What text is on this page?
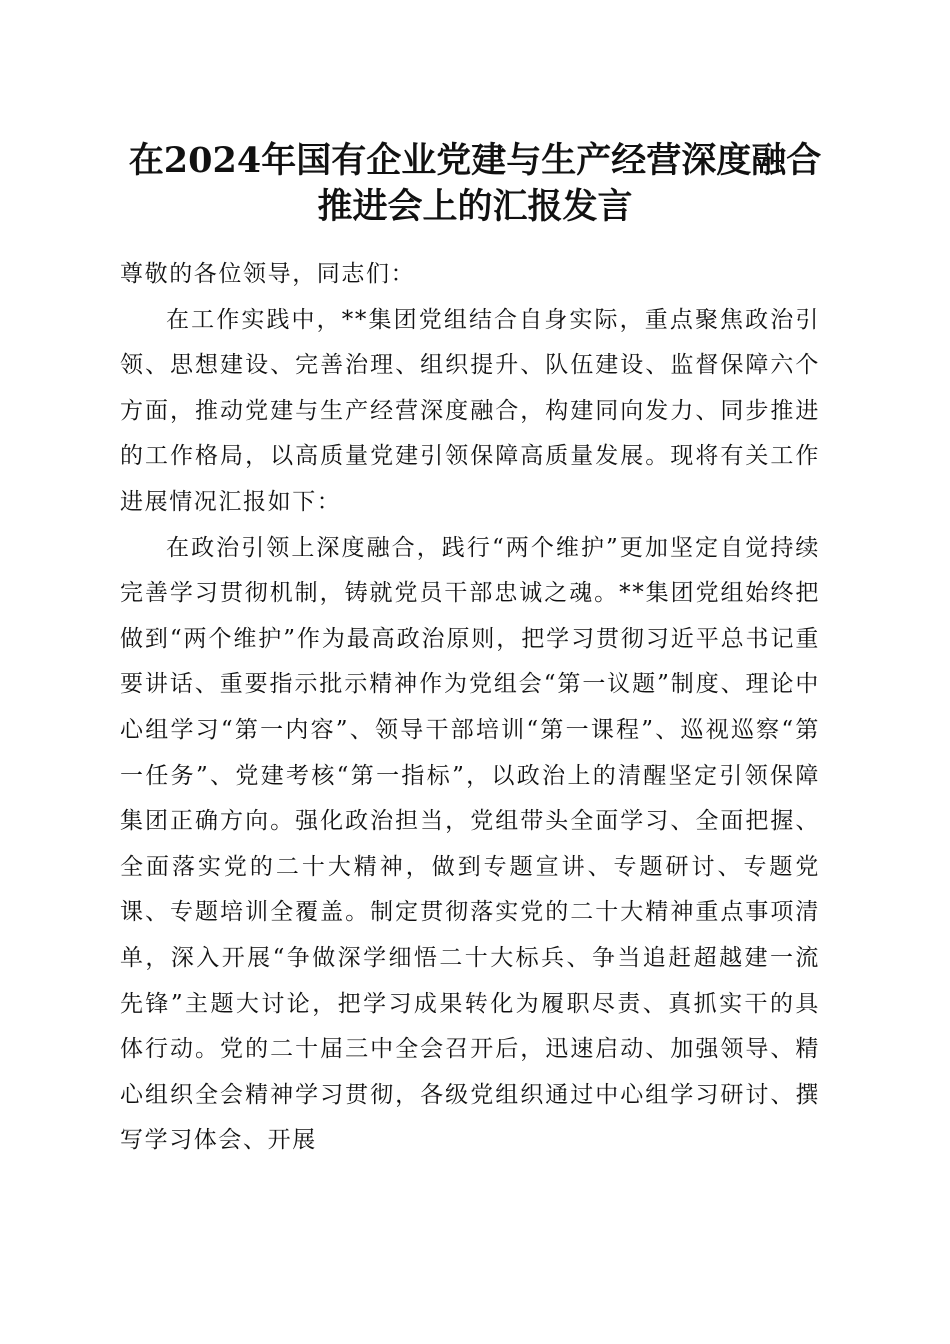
在2024年国有企业党建与生产经营深度融合
推进会上的汇报发言

尊敬的各位领导，同志们：

在工作实践中，**集团党组结合自身实际，重点聚焦政治引领、思想建设、完善治理、组织提升、队伍建设、监督保障六个方面，推动党建与生产经营深度融合，构建同向发力、同步推进的工作格局，以高质量党建引领保障高质量发展。现将有关工作进展情况汇报如下：

在政治引领上深度融合，践行“两个维护”更加坚定自觉持续完善学习贯彻机制，铸就党员干部忠诚之魂。**集团党组始终把做到“两个维护”作为最高政治原则，把学习贯彻习近平总书记重要讲话、重要指示批示精神作为党组会“第一议题”制度、理论中心组学习“第一内容”、领导干部培训“第一课程”、巡视巡察“第一任务”、党建考核“第一指标”，以政治上的清醒坚定引领保障集团正确方向。强化政治担当，党组带头全面学习、全面把握、全面落实党的二十大精神，做到专题宣讲、专题研讨、专题党课、专题培训全覆盖。制定贯彻落实党的二十大精神重点事项清单，深入开展“争做深学细悟二十大标兵、争当追赶超越建一流先锋”主题大讨论，把学习成果转化为履职尽责、真抓实干的具体行动。党的二十届三中全会召开后，迅速启动、加强领导、精心组织全会精神学习贯彻，各级党组织通过中心组学习研讨、撰写学习体会、开展
